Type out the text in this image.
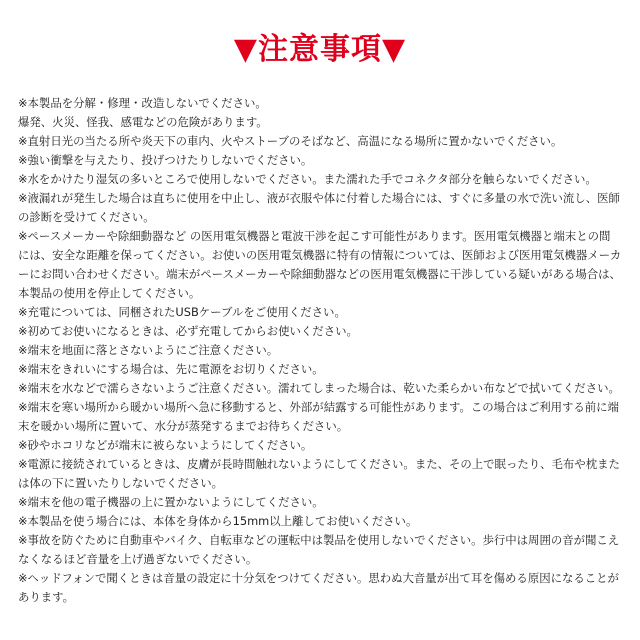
▼注意事項▼
※本製品を分解・修理・改造しないでください。
爆発、火災、怪我、感電などの危険があります。
※直射日光の当たる所や炎天下の車内、火やストーブのそばなど、高温になる場所に置かないでください。
※強い衝撃を与えたり、投げつけたりしないでください。
※水をかけたり湿気の多いところで使用しないでください。また濡れた手でコネクタ部分を触らないでください。
※液漏れが発生した場合は直ちに使用を中止し、液が衣服や体に付着した場合には、すぐに多量の水で洗い流し、医師
の診断を受けてください。
※ペースメーカーや除細動器など の医用電気機器と電波干渉を起こす可能性があります。医用電気機器と端末との間
には、安全な距離を保ってください。お使いの医用電気機器に特有の情報については、医師および医用電気機器メーカ
ーにお問い合わせください。端末がペースメーカーや除細動器などの医用電気機器に干渉している疑いがある場合は、
本製品の使用を停止してください。
※充電については、同梱されたUSBケーブルをご使用ください。
※初めてお使いになるときは、必ず充電してからお使いください。
※端末を地面に落とさないようにご注意ください。
※端末をきれいにする場合は、先に電源をお切りください。
※端末を水などで濡らさないようご注意ください。濡れてしまった場合は、乾いた柔らかい布などで拭いてください。
※端末を寒い場所から暖かい場所へ急に移動すると、外部が結露する可能性があります。この場合はご利用する前に端
末を暖かい場所に置いて、水分が蒸発するまでお待ちください。
※砂やホコリなどが端末に被らないようにしてください。
※電源に接続されているときは、皮膚が長時間触れないようにしてください。また、その上で眠ったり、毛布や枕また
は体の下に置いたりしないでください。
※端末を他の電子機器の上に置かないようにしてください。
※本製品を使う場合には、本体を身体から15mm以上離してお使いください。
※事故を防ぐために自動車やバイク、自転車などの運転中は製品を使用しないでください。歩行中は周囲の音が聞こえ
なくなるほど音量を上げ過ぎないでください。
※ヘッドフォンで聞くときは音量の設定に十分気をつけてください。思わぬ大音量が出て耳を傷める原因になることが
あります。
